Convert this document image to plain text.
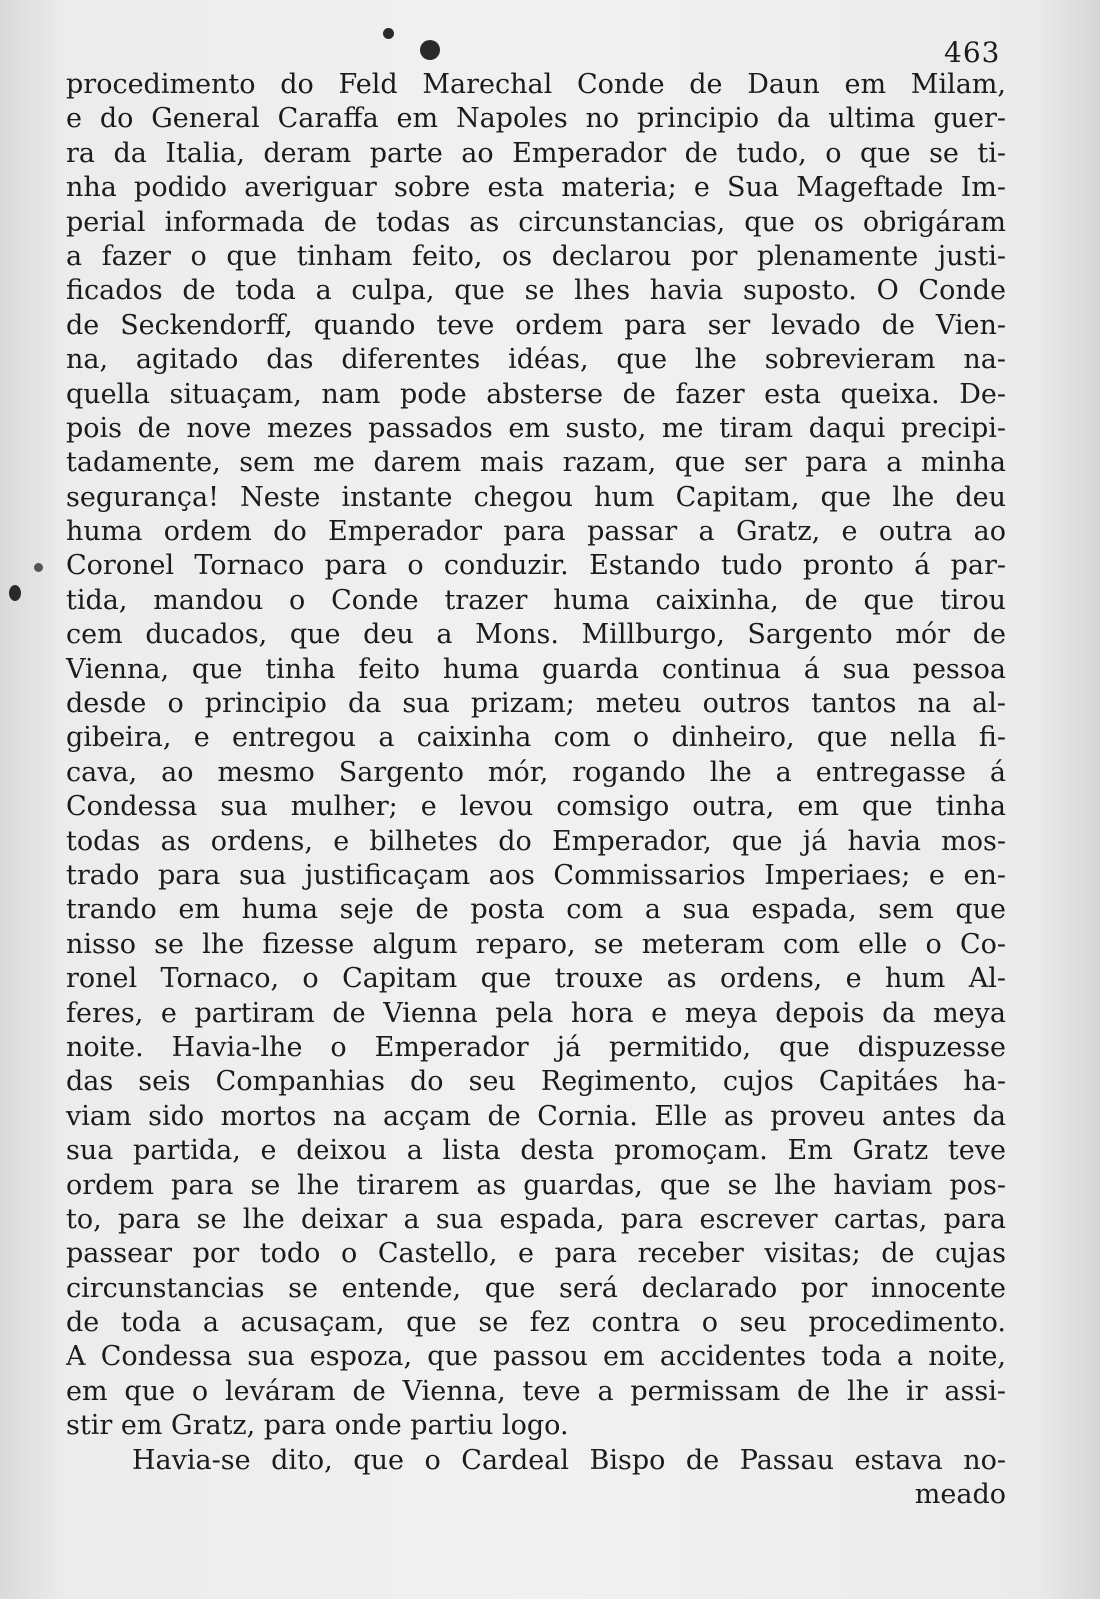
463
procedimento do Feld Marechal Conde de Daun em Milam,
e do General Caraffa em Napoles no principio da ultima guer-
ra da Italia, deram parte ao Emperador de tudo, o que se ti-
nha podido averiguar sobre esta materia; e Sua Mageftade Im-
perial informada de todas as circunstancias, que os obrigáram
a fazer o que tinham feito, os declarou por plenamente justi-
ficados de toda a culpa, que se lhes havia suposto. O Conde
de Seckendorff, quando teve ordem para ser levado de Vien-
na, agitado das diferentes idéas, que lhe sobrevieram na-
quella situaçam, nam pode absterse de fazer esta queixa. De-
pois de nove mezes passados em susto, me tiram daqui precipi-
tadamente, sem me darem mais razam, que ser para a minha
segurança! Neste instante chegou hum Capitam, que lhe deu
huma ordem do Emperador para passar a Gratz, e outra ao
Coronel Tornaco para o conduzir. Estando tudo pronto á par-
tida, mandou o Conde trazer huma caixinha, de que tirou
cem ducados, que deu a Mons. Millburgo, Sargento mór de
Vienna, que tinha feito huma guarda continua á sua pessoa
desde o principio da sua prizam; meteu outros tantos na al-
gibeira, e entregou a caixinha com o dinheiro, que nella fi-
cava, ao mesmo Sargento mór, rogando lhe a entregasse á
Condessa sua mulher; e levou comsigo outra, em que tinha
todas as ordens, e bilhetes do Emperador, que já havia mos-
trado para sua justificaçam aos Commissarios Imperiaes; e en-
trando em huma seje de posta com a sua espada, sem que
nisso se lhe fizesse algum reparo, se meteram com elle o Co-
ronel Tornaco, o Capitam que trouxe as ordens, e hum Al-
feres, e partiram de Vienna pela hora e meya depois da meya
noite. Havia-lhe o Emperador já permitido, que dispuzesse
das seis Companhias do seu Regimento, cujos Capitáes ha-
viam sido mortos na acçam de Cornia. Elle as proveu antes da
sua partida, e deixou a lista desta promoçam. Em Gratz teve
ordem para se lhe tirarem as guardas, que se lhe haviam pos-
to, para se lhe deixar a sua espada, para escrever cartas, para
passear por todo o Castello, e para receber visitas; de cujas
circunstancias se entende, que será declarado por innocente
de toda a acusaçam, que se fez contra o seu procedimento.
A Condessa sua espoza, que passou em accidentes toda a noite,
em que o leváram de Vienna, teve a permissam de lhe ir assi-
stir em Gratz, para onde partiu logo.
Havia-se dito, que o Cardeal Bispo de Passau estava no-
meado
